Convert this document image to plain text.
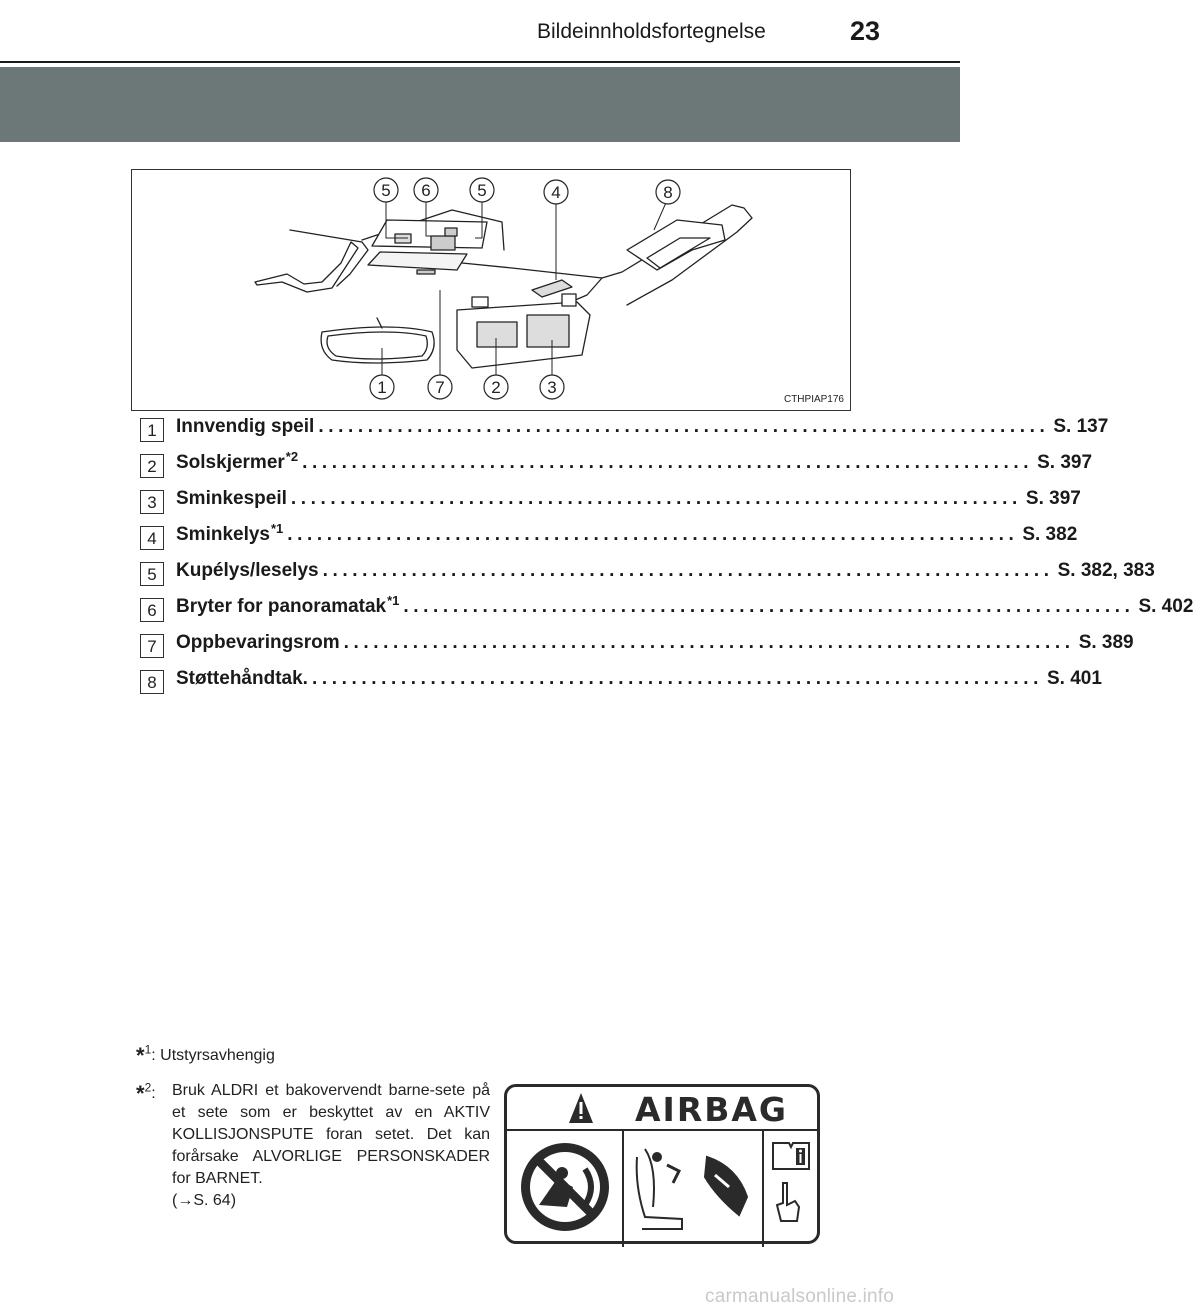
Bildeinnholdsfortegnelse	23
5 6	5	4	8
1	7	2	3
CTHPIAP176
1	Innvendig speil .......................................................................... S. 137
2	Solskjermer$^{*2}$ .......................................................................... S. 397
3	Sminkespeil .......................................................................... S. 397
4	Sminkelys$^{*1}$ .......................................................................... S. 382
5	Kupélys/leselys .......................................................................... S. 382, 383
6	Bryter for panoramatak$^{*1}$ .......................................................................... S. 402
7	Oppbevaringsrom .......................................................................... S. 389
8	Støttehåndtak. .......................................................................... S. 401
*$^1$: Utstyrsavhengig
*$^2$: Bruk ALDRI et bakovervendt barne-sete på et sete som er beskyttet av en AKTIV KOLLISJONSPUTE foran setet. Det kan forårsake ALVORLIGE PERSONSKADER for BARNET.
(→S. 64)
AIRBAG
carmanualsonline.info
